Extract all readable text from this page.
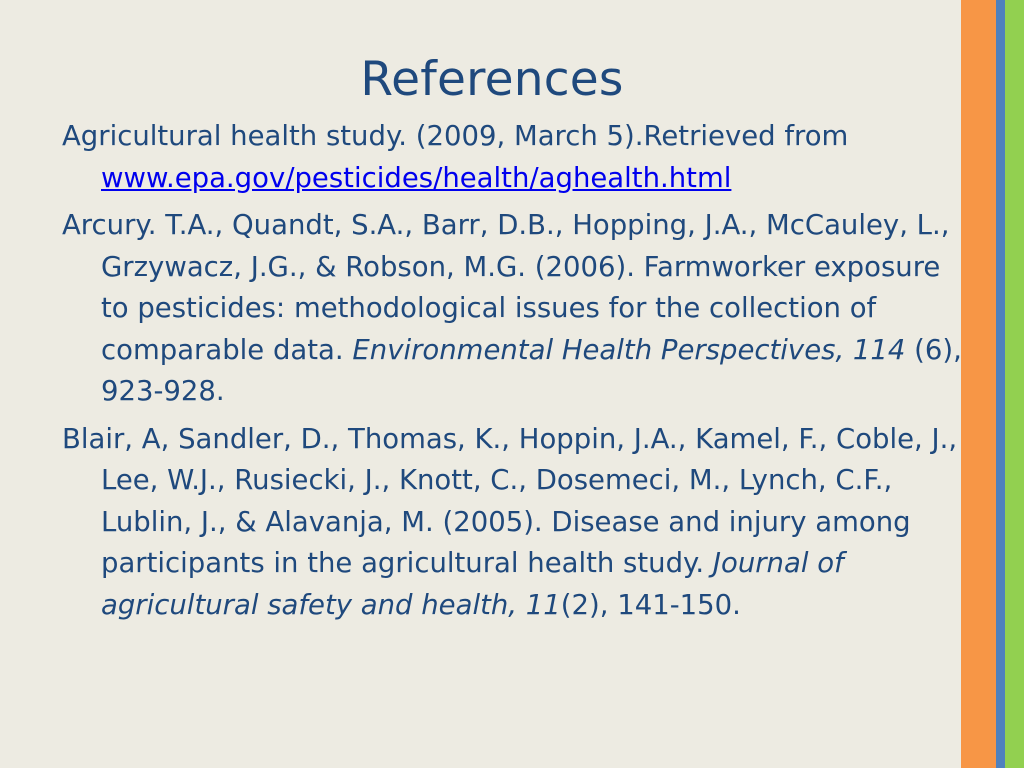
References

Agricultural health study. (2009, March 5).Retrieved from www.epa.gov/pesticides/health/aghealth.html

Arcury. T.A., Quandt, S.A., Barr, D.B., Hopping, J.A., McCauley, L., Grzywacz, J.G., & Robson, M.G. (2006). Farmworker exposure to pesticides: methodological issues for the collection of comparable data. Environmental Health Perspectives, 114 (6), 923-928.

Blair, A, Sandler, D., Thomas, K., Hoppin, J.A., Kamel, F., Coble, J., Lee, W.J., Rusiecki, J., Knott, C., Dosemeci, M., Lynch, C.F., Lublin, J., & Alavanja, M. (2005). Disease and injury among participants in the agricultural health study. Journal of agricultural safety and health, 11(2), 141-150.
